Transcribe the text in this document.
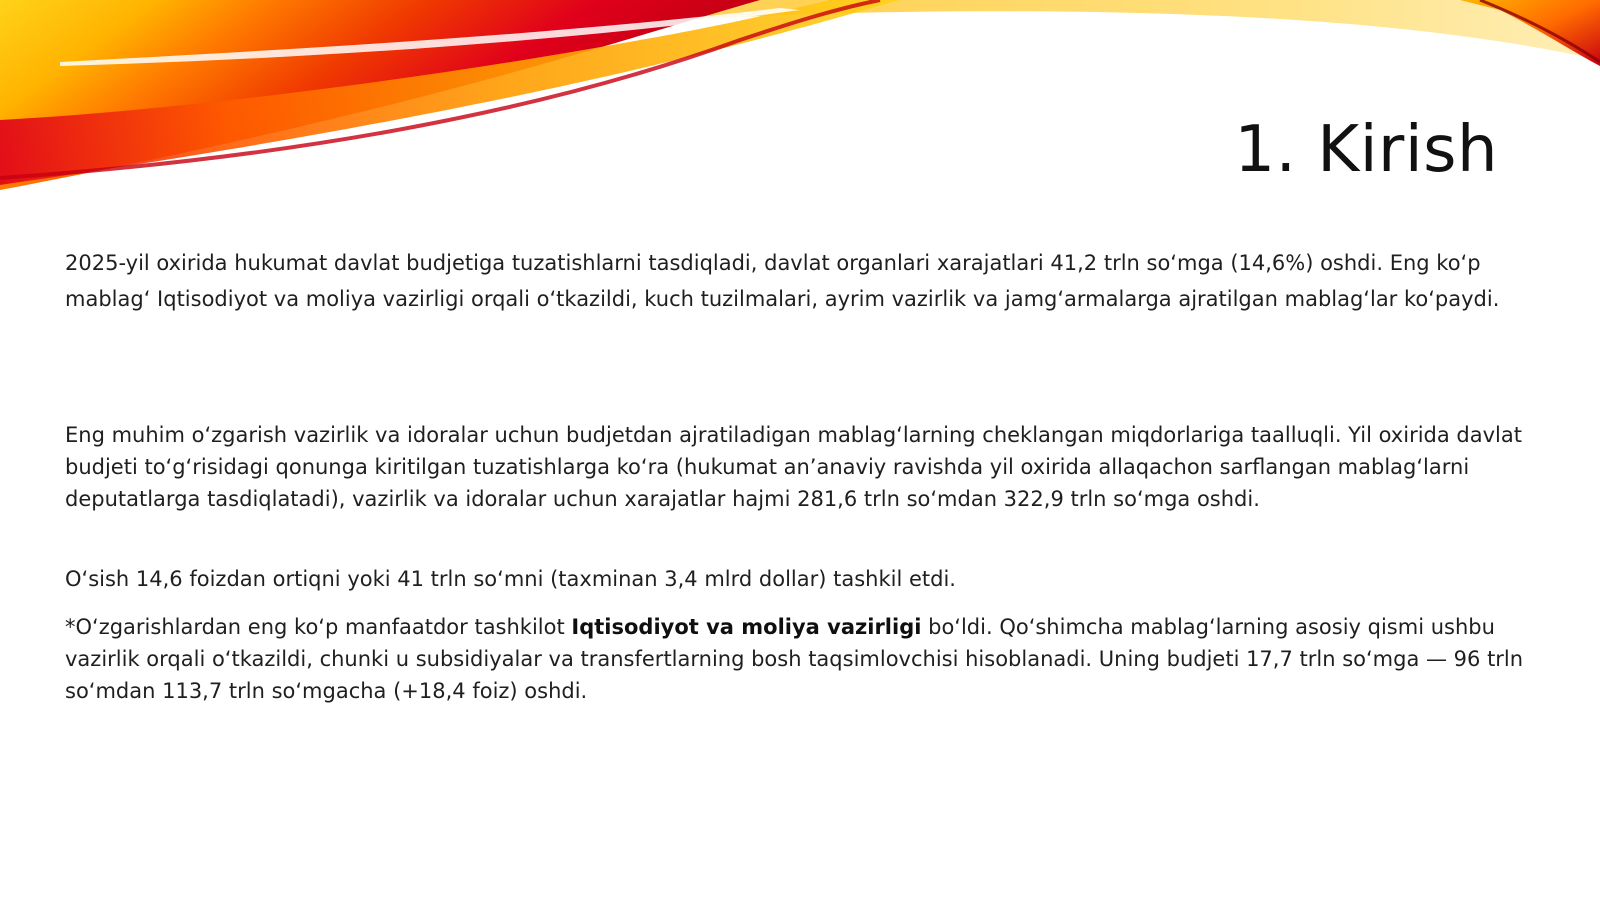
1. Kirish

2025-yil oxirida hukumat davlat budjetiga tuzatishlarni tasdiqladi, davlat organlari xarajatlari 41,2 trln so‘mga (14,6%) oshdi. Eng ko‘p mablag‘ Iqtisodiyot va moliya vazirligi orqali o‘tkazildi, kuch tuzilmalari, ayrim vazirlik va jamg‘armalarga ajratilgan mablag‘lar ko‘paydi.

Eng muhim o‘zgarish vazirlik va idoralar uchun budjetdan ajratiladigan mablag‘larning cheklangan miqdorlariga taalluqli. Yil oxirida davlat budjeti to‘g‘risidagi qonunga kiritilgan tuzatishlarga ko‘ra (hukumat an’anaviy ravishda yil oxirida allaqachon sarflangan mablag‘larni deputatlarga tasdiqlatadi), vazirlik va idoralar uchun xarajatlar hajmi 281,6 trln so‘mdan 322,9 trln so‘mga oshdi.

O‘sish 14,6 foizdan ortiqni yoki 41 trln so‘mni (taxminan 3,4 mlrd dollar) tashkil etdi.

*O‘zgarishlardan eng ko‘p manfaatdor tashkilot Iqtisodiyot va moliya vazirligi bo‘ldi. Qo‘shimcha mablag‘larning asosiy qismi ushbu vazirlik orqali o‘tkazildi, chunki u subsidiyalar va transfertlarning bosh taqsimlovchisi hisoblanadi. Uning budjeti 17,7 trln so‘mga — 96 trln so‘mdan 113,7 trln so‘mgacha (+18,4 foiz) oshdi.
